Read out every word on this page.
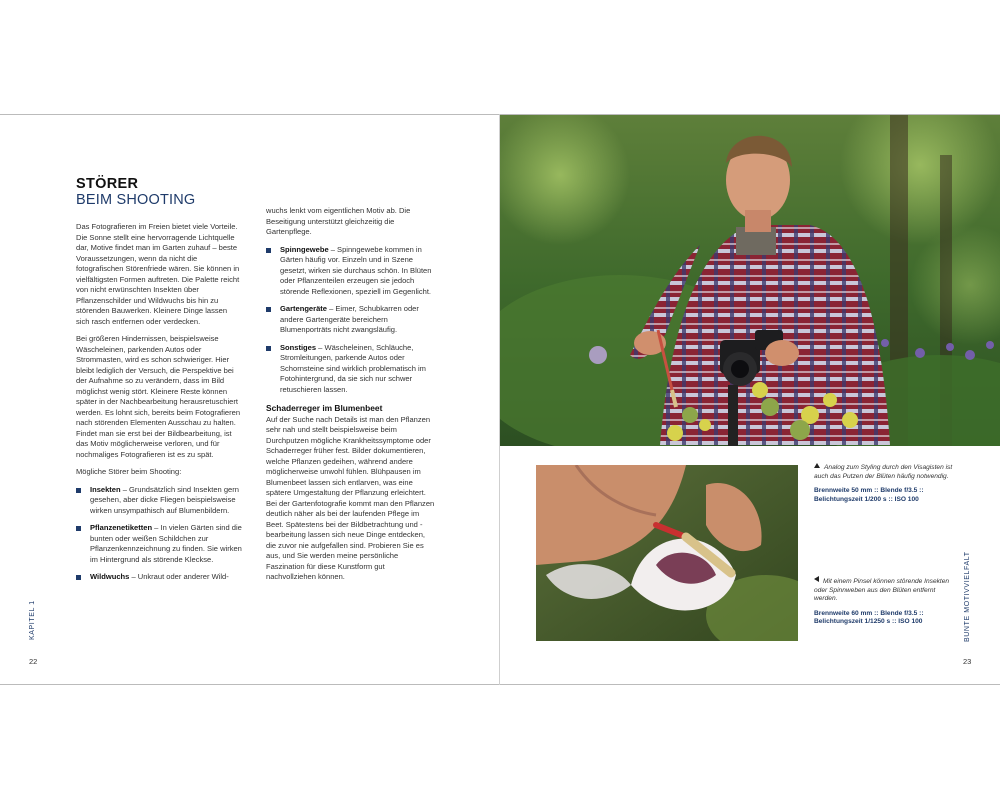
STÖRER
BEIM SHOOTING

Das Fotografieren im Freien bietet viele Vorteile. Die Sonne stellt eine hervorragende Lichtquelle dar, Motive findet man im Garten zuhauf – beste Voraussetzungen, wenn da nicht die fotografischen Störenfriede wären. Sie können in vielfältigsten Formen auftreten. Die Palette reicht von nicht erwünschten Insekten über Pflanzenschilder und Wildwuchs bis hin zu störenden Bauwerken. Kleinere Dinge lassen sich rasch entfernen oder verdecken.

Bei größeren Hindernissen, beispielsweise Wäscheleinen, parkenden Autos oder Strommasten, wird es schon schwieriger. Hier bleibt lediglich der Versuch, die Perspektive bei der Aufnahme so zu verändern, dass im Bild möglichst wenig stört. Kleinere Reste können später in der Nachbearbeitung herausretuschiert werden. Es lohnt sich, bereits beim Fotografieren nach störenden Elementen Ausschau zu halten. Findet man sie erst bei der Bildbearbeitung, ist das Motiv möglicherweise verloren, und für nochmaliges Fotografieren ist es zu spät.

Mögliche Störer beim Shooting:

Insekten – Grundsätzlich sind Insekten gern gesehen, aber dicke Fliegen beispielsweise wirken unsympathisch auf Blumenbildern.
Pflanzenetiketten – In vielen Gärten sind die bunten oder weißen Schildchen zur Pflanzenkennzeichnung zu finden. Sie wirken im Hintergrund als störende Kleckse.
Wildwuchs – Unkraut oder anderer Wild-

wuchs lenkt vom eigentlichen Motiv ab. Die Beseitigung unterstützt gleichzeitig die Gartenpflege.

Spinngewebe – Spinngewebe kommen in Gärten häufig vor. Einzeln und in Szene gesetzt, wirken sie durchaus schön. In Blüten oder Pflanzenteilen erzeugen sie jedoch störende Reflexionen, speziell im Gegenlicht.
Gartengeräte – Eimer, Schubkarren oder andere Gartengeräte bereichern Blumenporträts nicht zwangsläufig.
Sonstiges – Wäscheleinen, Schläuche, Stromleitungen, parkende Autos oder Schornsteine sind wirklich problematisch im Fotohintergrund, da sie sich nur schwer retuschieren lassen.
Schaderreger im Blumenbeet

Auf der Suche nach Details ist man den Pflanzen sehr nah und stellt beispielsweise beim Durchputzen mögliche Krankheitssymptome oder Schaderreger früher fest. Bilder dokumentieren, welche Pflanzen gedeihen, während andere möglicherweise unwohl fühlen. Blühpausen im Blumenbeet lassen sich entlarven, was eine spätere Umgestaltung der Pflanzung erleichtert. Bei der Gartenfotografie kommt man den Pflanzen deutlich näher als bei der laufenden Pflege im Beet. Spätestens bei der Bildbetrachtung und -bearbeitung lassen sich neue Dinge entdecken, die zuvor nie aufgefallen sind. Probieren Sie es aus, und Sie werden meine persönliche Faszination für diese Kunstform gut nachvollziehen können.

22
KAPITEL 1
Analog zum Styling durch den Visagisten ist auch das Putzen der Blüten häufig notwendig.
Brennweite 50 mm :: Blende f/3.5 :: Belichtungszeit 1/200 s :: ISO 100
Mit einem Pinsel können störende Insekten oder Spinnweben aus den Blüten entfernt werden.
Brennweite 60 mm :: Blende f/3.5 :: Belichtungszeit 1/1250 s :: ISO 100
23
BUNTE MOTIVVIELFALT
